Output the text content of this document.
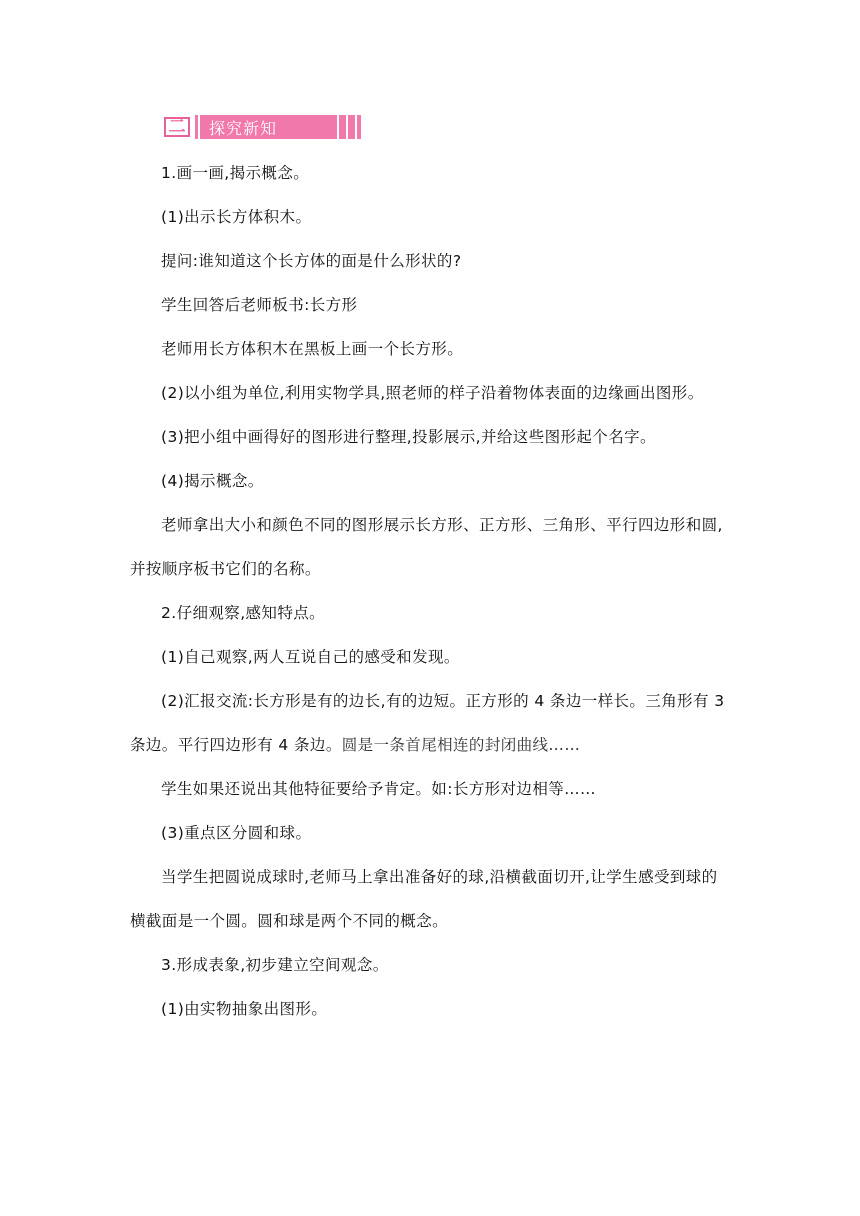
二 探究新知

1.画一画,揭示概念。

(1)出示长方体积木。

提问:谁知道这个长方体的面是什么形状的?

学生回答后老师板书:长方形

老师用长方体积木在黑板上画一个长方形。

(2)以小组为单位,利用实物学具,照老师的样子沿着物体表面的边缘画出图形。

(3)把小组中画得好的图形进行整理,投影展示,并给这些图形起个名字。

(4)揭示概念。

老师拿出大小和颜色不同的图形展示长方形、正方形、三角形、平行四边形和圆,并按顺序板书它们的名称。

2.仔细观察,感知特点。

(1)自己观察,两人互说自己的感受和发现。

(2)汇报交流:长方形是有的边长,有的边短。正方形的 4 条边一样长。三角形有 3 条边。平行四边形有 4 条边。圆是一条首尾相连的封闭曲线……

学生如果还说出其他特征要给予肯定。如:长方形对边相等……

(3)重点区分圆和球。

当学生把圆说成球时,老师马上拿出准备好的球,沿横截面切开,让学生感受到球的横截面是一个圆。圆和球是两个不同的概念。

3.形成表象,初步建立空间观念。

(1)由实物抽象出图形。
